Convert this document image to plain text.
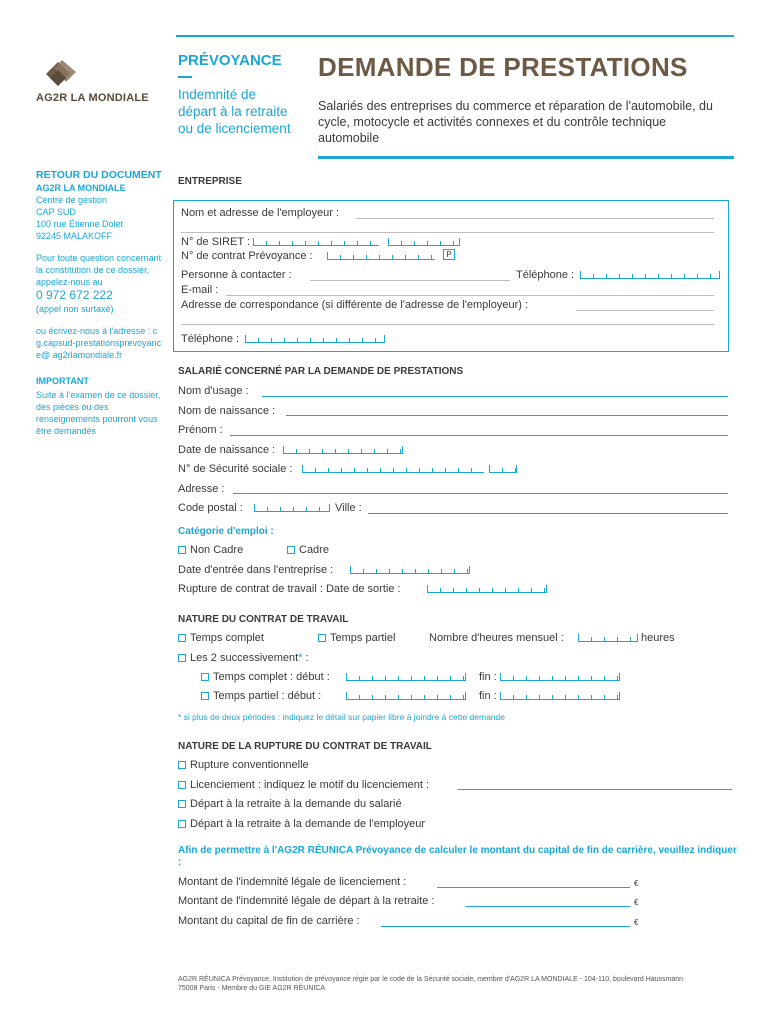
AG2R LA MONDIALE
PRÉVOYANCE
Indemnité de départ à la retraite ou de licenciement
DEMANDE DE PRESTATIONS
Salariés des entreprises du commerce et réparation de l'automobile, du cycle, motocycle et activités connexes et du contrôle technique automobile

RETOUR DU DOCUMENT

AG2R LA MONDIALE

Centre de gestion

CAP SUD

100 rue Étienne Dolet

92245 MALAKOFF

Pour toute question concernant la constitution de ce dossier, appelez-nous au

0 972 672 222

(appel non surtaxé)

ou écrivez-nous à l'adresse : cg.capsud-prestationsprevoyance@ ag2rlamondiale.fr

IMPORTANT

Suite à l'examen de ce dossier, des pièces ou des renseignements pourront vous être demandés

ENTREPRISE
Nom et adresse de l'employeur :
N° de SIRET :
N° de contrat Prévoyance :	P
Personne à contacter :	Téléphone :
E-mail :
Adresse de correspondance (si différente de l'adresse de l'employeur) :
Téléphone :
SALARIÉ CONCERNÉ PAR LA DEMANDE DE PRESTATIONS
Nom d'usage :
Nom de naissance :
Prénom :
Date de naissance :
N° de Sécurité sociale :
Adresse :
Code postal :	Ville :
Catégorie d'emploi :
Non Cadre	Cadre
Date d'entrée dans l'entreprise :
Rupture de contrat de travail : Date de sortie :
NATURE DU CONTRAT DE TRAVAIL
Temps complet	Temps partiel	Nombre d'heures mensuel :	heures
Les 2 successivement* :
Temps complet : début :	fin :
Temps partiel : début :	fin :
* si plus de deux périodes : indiquez le détail sur papier libre à joindre à cette demande
NATURE DE LA RUPTURE DU CONTRAT DE TRAVAIL
Rupture conventionnelle
Licenciement : indiquez le motif du licenciement :
Départ à la retraite à la demande du salarié
Départ à la retraite à la demande de l'employeur
Afin de permettre à l'AG2R RÉUNICA Prévoyance de calculer le montant du capital de fin de carrière, veuillez indiquer :
Montant de l'indemnité légale de licenciement :	€
Montant de l'indemnité légale de départ à la retraite :	€
Montant du capital de fin de carrière :	€
AG2R RÉUNICA Prévoyance, Institution de prévoyance régie par le code de la Sécurité sociale, membre d'AG2R LA MONDIALE - 104-110, boulevard Haussmann 75008 Paris - Membre du GIE AG2R RÉUNICA
